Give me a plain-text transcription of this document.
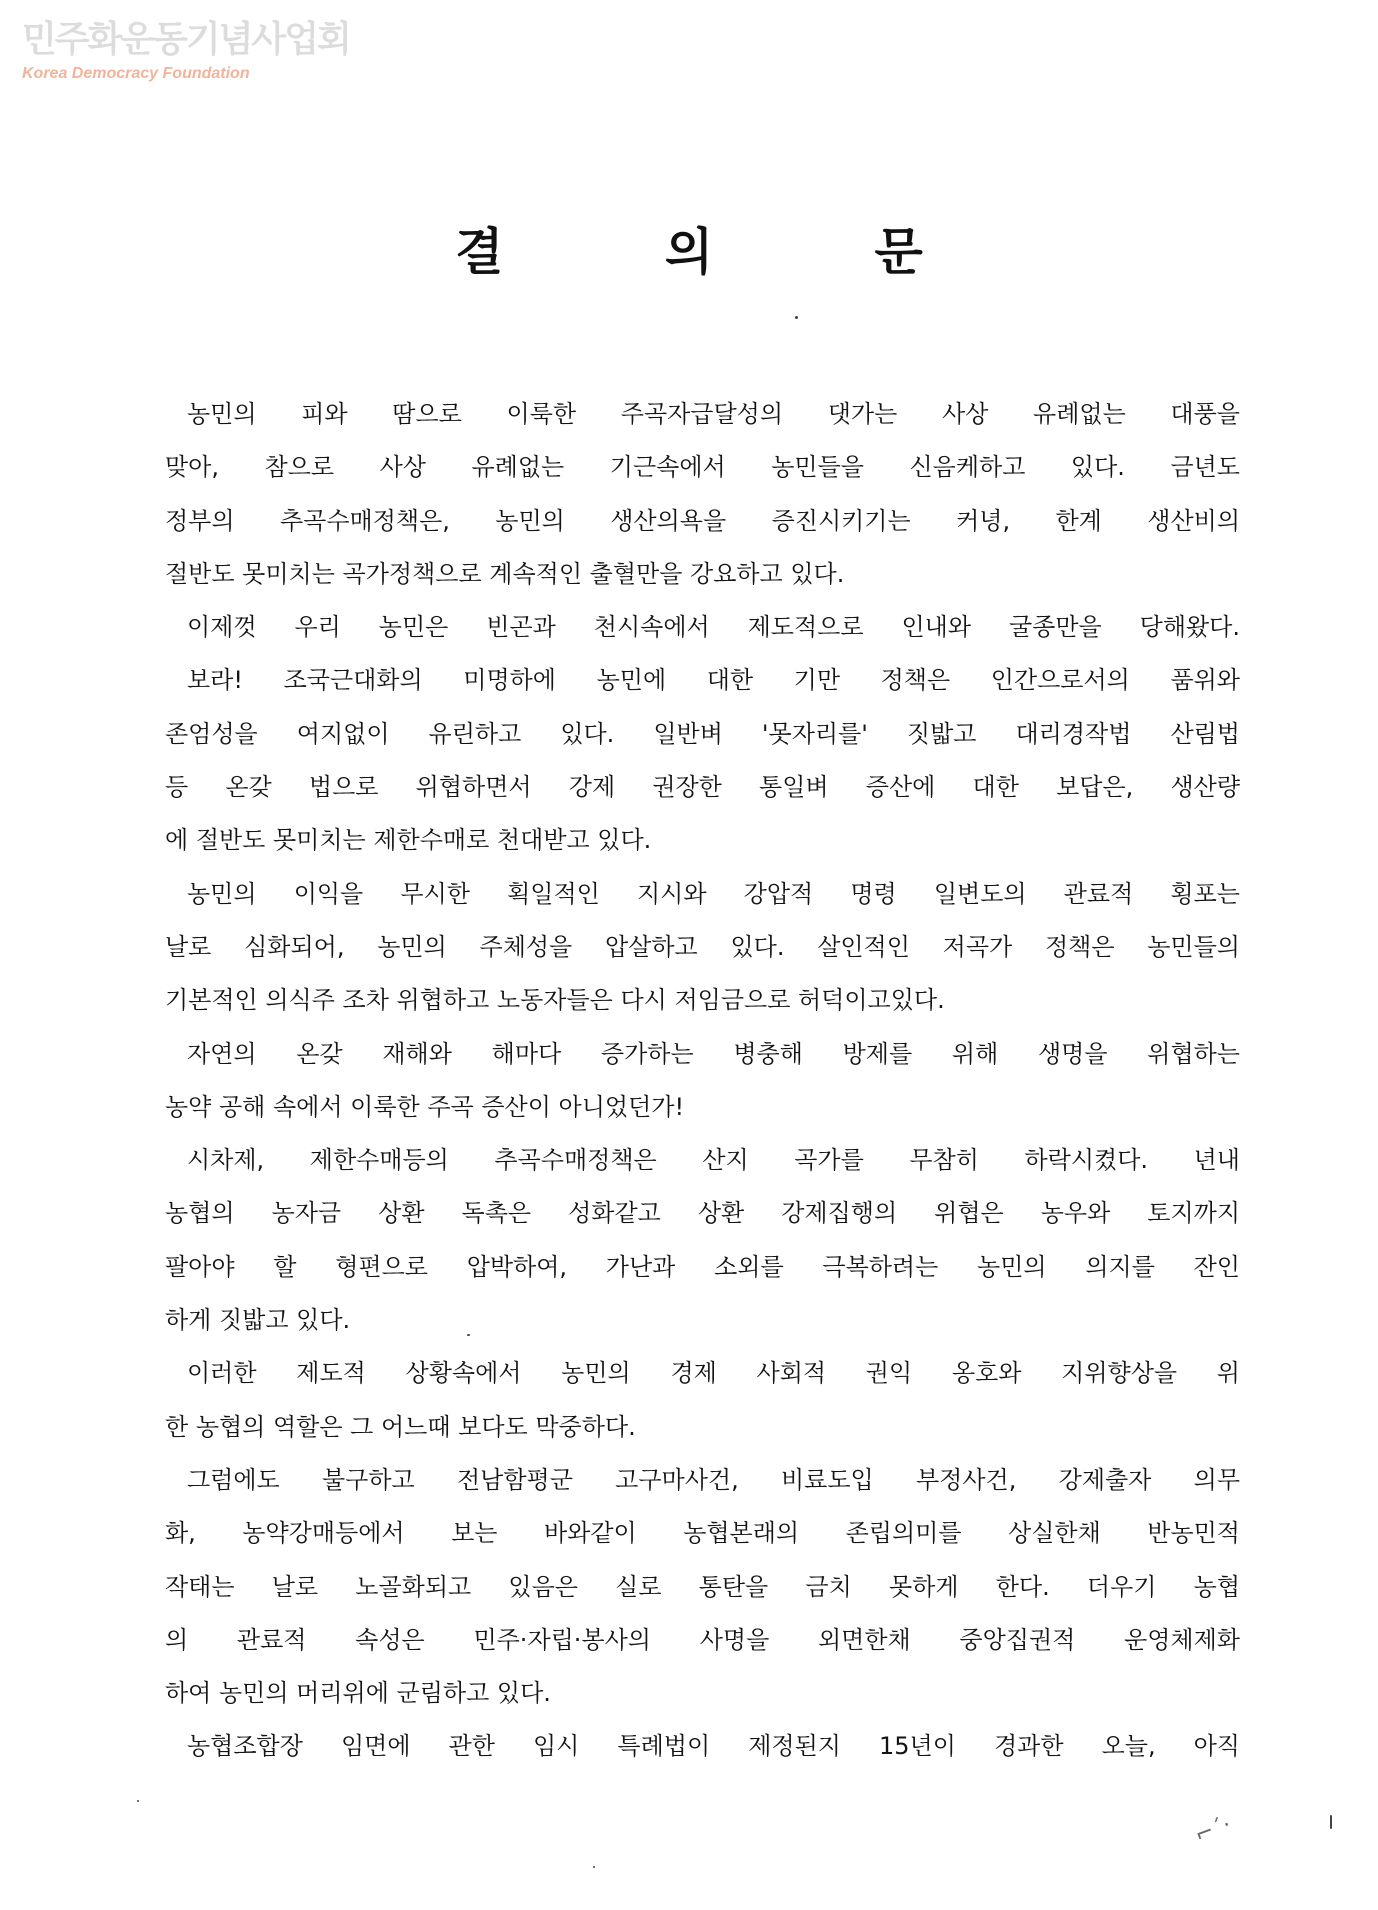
민주화운동기념사업회
Korea Democracy Foundation
결 의 문
농민의 피와 땀으로 이룩한 주곡자급달성의 댓가는 사상 유례없는 대풍을
맞아, 참으로 사상 유례없는 기근속에서 농민들을 신음케하고 있다. 금년도
정부의 추곡수매정책은, 농민의 생산의욕을 증진시키기는 커녕, 한계 생산비의
절반도 못미치는 곡가정책으로 계속적인 출혈만을 강요하고 있다.
이제껏 우리 농민은 빈곤과 천시속에서 제도적으로 인내와 굴종만을 당해왔다.
보라! 조국근대화의 미명하에 농민에 대한 기만 정책은 인간으로서의 품위와
존엄성을 여지없이 유린하고 있다. 일반벼 '못자리를' 짓밟고 대리경작법 산림법
등 온갖 법으로 위협하면서 강제 권장한 통일벼 증산에 대한 보답은, 생산량
에 절반도 못미치는 제한수매로 천대받고 있다.
농민의 이익을 무시한 획일적인 지시와 강압적 명령 일변도의 관료적 횡포는
날로 심화되어, 농민의 주체성을 압살하고 있다. 살인적인 저곡가 정책은 농민들의
기본적인 의식주 조차 위협하고 노동자들은 다시 저임금으로 허덕이고있다.
자연의 온갖 재해와 해마다 증가하는 병충해 방제를 위해 생명을 위협하는
농약 공해 속에서 이룩한 주곡 증산이 아니었던가!
시차제, 제한수매등의 추곡수매정책은 산지 곡가를 무참히 하락시켰다. 년내
농협의 농자금 상환 독촉은 성화같고 상환 강제집행의 위협은 농우와 토지까지
팔아야 할 형편으로 압박하여, 가난과 소외를 극복하려는 농민의 의지를 잔인
하게 짓밟고 있다.
이러한 제도적 상황속에서 농민의 경제 사회적 권익 옹호와 지위향상을 위
한 농협의 역할은 그 어느때 보다도 막중하다.
그럼에도 불구하고 전남함평군 고구마사건, 비료도입 부정사건, 강제출자 의무
화, 농약강매등에서 보는 바와같이 농협본래의 존립의미를 상실한채 반농민적
작태는 날로 노골화되고 있음은 실로 통탄을 금치 못하게 한다. 더우기 농협
의 관료적 속성은 민주·자립·봉사의 사명을 외면한채 중앙집권적 운영체제화
하여 농민의 머리위에 군림하고 있다.
농협조합장 임면에 관한 임시 특례법이 제정된지 15년이 경과한 오늘, 아직
⌐ˊ·
